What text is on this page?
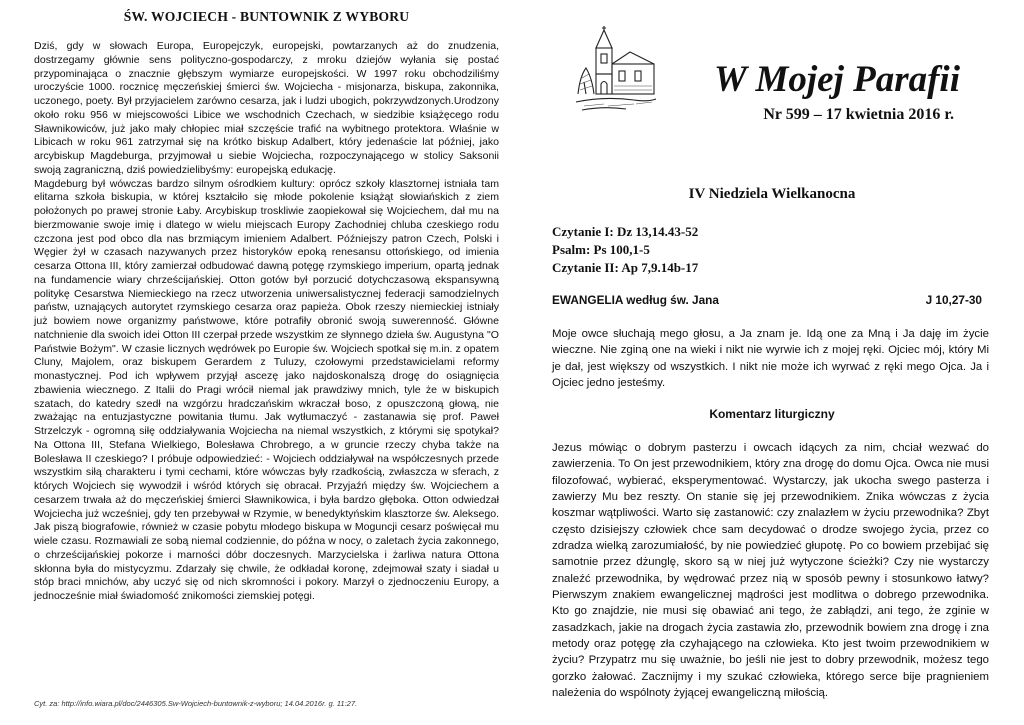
ŚW. WOJCIECH - BUNTOWNIK Z WYBORU

Dziś, gdy w słowach Europa, Europejczyk, europejski, powtarzanych aż do znudzenia, dostrzegamy głównie sens polityczno-gospodarczy, z mroku dziejów wyłania się postać przypominająca o znacznie głębszym wymiarze europejskości. W 1997 roku obchodziliśmy uroczyście 1000. rocznicę męczeńskiej śmierci św. Wojciecha - misjonarza, biskupa, zakonnika, uczonego, poety. Był przyjacielem zarówno cesarza, jak i ludzi ubogich, pokrzywdzonych.Urodzony około roku 956 w miejscowości Libice we wschodnich Czechach, w siedzibie książęcego rodu Sławnikowiców, już jako mały chłopiec miał szczęście trafić na wybitnego protektora. Właśnie w Libicach w roku 961 zatrzymał się na krótko biskup Adalbert, który jedenaście lat później, jako arcybiskup Magdeburga, przyjmował u siebie Wojciecha, rozpoczynającego w stolicy Saksonii swoją zagraniczną, dziś powiedzielibyśmy: europejską edukację.

Magdeburg był wówczas bardzo silnym ośrodkiem kultury: oprócz szkoły klasztornej istniała tam elitarna szkoła biskupia, w której kształciło się młode pokolenie książąt słowiańskich z ziem położonych po prawej stronie Łaby. Arcybiskup troskliwie zaopiekował się Wojciechem, dał mu na bierzmowanie swoje imię i dlatego w wielu miejscach Europy Zachodniej chluba czeskiego rodu czczona jest pod obco dla nas brzmiącym imieniem Adalbert. Późniejszy patron Czech, Polski i Węgier żył w czasach nazywanych przez historyków epoką renesansu ottońskiego, od imienia cesarza Ottona III, który zamierzał odbudować dawną potęgę rzymskiego imperium, opartą jednak na fundamencie wiary chrześcijańskiej. Otton gotów był porzucić dotychczasową ekspansywną politykę Cesarstwa Niemieckiego na rzecz utworzenia uniwersalistycznej federacji samodzielnych państw, uznających autorytet rzymskiego cesarza oraz papieża. Obok rzeszy niemieckiej istniały już bowiem nowe organizmy państwowe, które potrafiły obronić swoją suwerenność. Główne natchnienie dla swoich idei Otton III czerpał przede wszystkim ze słynnego dzieła św. Augustyna "O Państwie Bożym". W czasie licznych wędrówek po Europie św. Wojciech spotkał się m.in. z opatem Cluny, Majolem, oraz biskupem Gerardem z Tuluzy, czołowymi przedstawicielami reformy monastycznej. Pod ich wpływem przyjął ascezę jako najdoskonalszą drogę do osiągnięcia zbawienia wiecznego. Z Italii do Pragi wrócił niemal jak prawdziwy mnich, tyle że w biskupich szatach, do katedry szedł na wzgórzu hradczańskim wkraczał boso, z opuszczoną głową, nie zważając na entuzjastyczne powitania tłumu. Jak wytłumaczyć - zastanawia się prof. Paweł Strzelczyk - ogromną siłę oddziaływania Wojciecha na niemal wszystkich, z którymi się spotykał? Na Ottona III, Stefana Wielkiego, Bolesława Chrobrego, a w gruncie rzeczy chyba także na Bolesława II czeskiego? I próbuje odpowiedzieć: - Wojciech oddziaływał na współczesnych przede wszystkim siłą charakteru i tymi cechami, które wówczas były rzadkością, zwłaszcza w sferach, z których Wojciech się wywodził i wśród których się obracał. Przyjaźń między św. Wojciechem a cesarzem trwała aż do męczeńskiej śmierci Sławnikowica, i była bardzo głęboka. Otton odwiedzał Wojciecha już wcześniej, gdy ten przebywał w Rzymie, w benedyktyńskim klasztorze św. Aleksego. Jak piszą biografowie, również w czasie pobytu młodego biskupa w Moguncji cesarz poświęcał mu wiele czasu. Rozmawiali ze sobą niemal codziennie, do późna w nocy, o zaletach życia zakonnego, o chrześcijańskiej pokorze i marności dóbr doczesnych. Marzycielska i żarliwa natura Ottona skłonna była do mistycyzmu. Zdarzały się chwile, że odkładał koronę, zdejmował szaty i siadał u stóp braci mnichów, aby uczyć się od nich skromności i pokory. Marzył o zjednoczeniu Europy, a jednocześnie miał świadomość znikomości ziemskiej potęgi.

Cyt. za: http://info.wiara.pl/doc/2446305.Sw-Wojciech-buntownik-z-wyboru; 14.04.2016r. g. 11:27.
W Mojej Parafii
Nr 599 – 17 kwietnia 2016 r.
IV Niedziela Wielkanocna
Czytanie I: Dz 13,14.43-52
Psalm: Ps 100,1-5
Czytanie II: Ap 7,9.14b-17
EWANGELIA według św. Jana	J 10,27-30

Moje owce słuchają mego głosu, a Ja znam je. Idą one za Mną i Ja daję im życie wieczne. Nie zginą one na wieki i nikt nie wyrwie ich z mojej ręki. Ojciec mój, który Mi je dał, jest większy od wszystkich. I nikt nie może ich wyrwać z ręki mego Ojca. Ja i Ojciec jedno jesteśmy.

Komentarz liturgiczny

Jezus mówiąc o dobrym pasterzu i owcach idących za nim, chciał wezwać do zawierzenia. To On jest przewodnikiem, który zna drogę do domu Ojca. Owca nie musi filozofować, wybierać, eksperymentować. Wystarczy, jak ukocha swego pasterza i zawierzy Mu bez reszty. On stanie się jej przewodnikiem. Znika wówczas z życia koszmar wątpliwości. Warto się zastanowić: czy znalazłem w życiu przewodnika? Zbyt często dzisiejszy człowiek chce sam decydować o drodze swojego życia, przez co zdradza wielką zarozumiałość, by nie powiedzieć głupotę. Po co bowiem przebijać się samotnie przez dżunglę, skoro są w niej już wytyczone ścieżki? Czy nie wystarczy znaleźć przewodnika, by wędrować przez nią w sposób pewny i stosunkowo łatwy? Pierwszym znakiem ewangelicznej mądrości jest modlitwa o dobrego przewodnika. Kto go znajdzie, nie musi się obawiać ani tego, że zabłądzi, ani tego, że zginie w zasadzkach, jakie na drogach życia zastawia zło, przewodnik bowiem zna drogę i zna metody oraz potęgę zła czyhającego na człowieka. Kto jest twoim przewodnikiem w życiu? Przypatrz mu się uważnie, bo jeśli nie jest to dobry przewodnik, możesz tego gorzko żałować. Zacznijmy i my szukać człowieka, którego serce bije pragnieniem należenia do wspólnoty żyjącej ewangeliczną miłością.
